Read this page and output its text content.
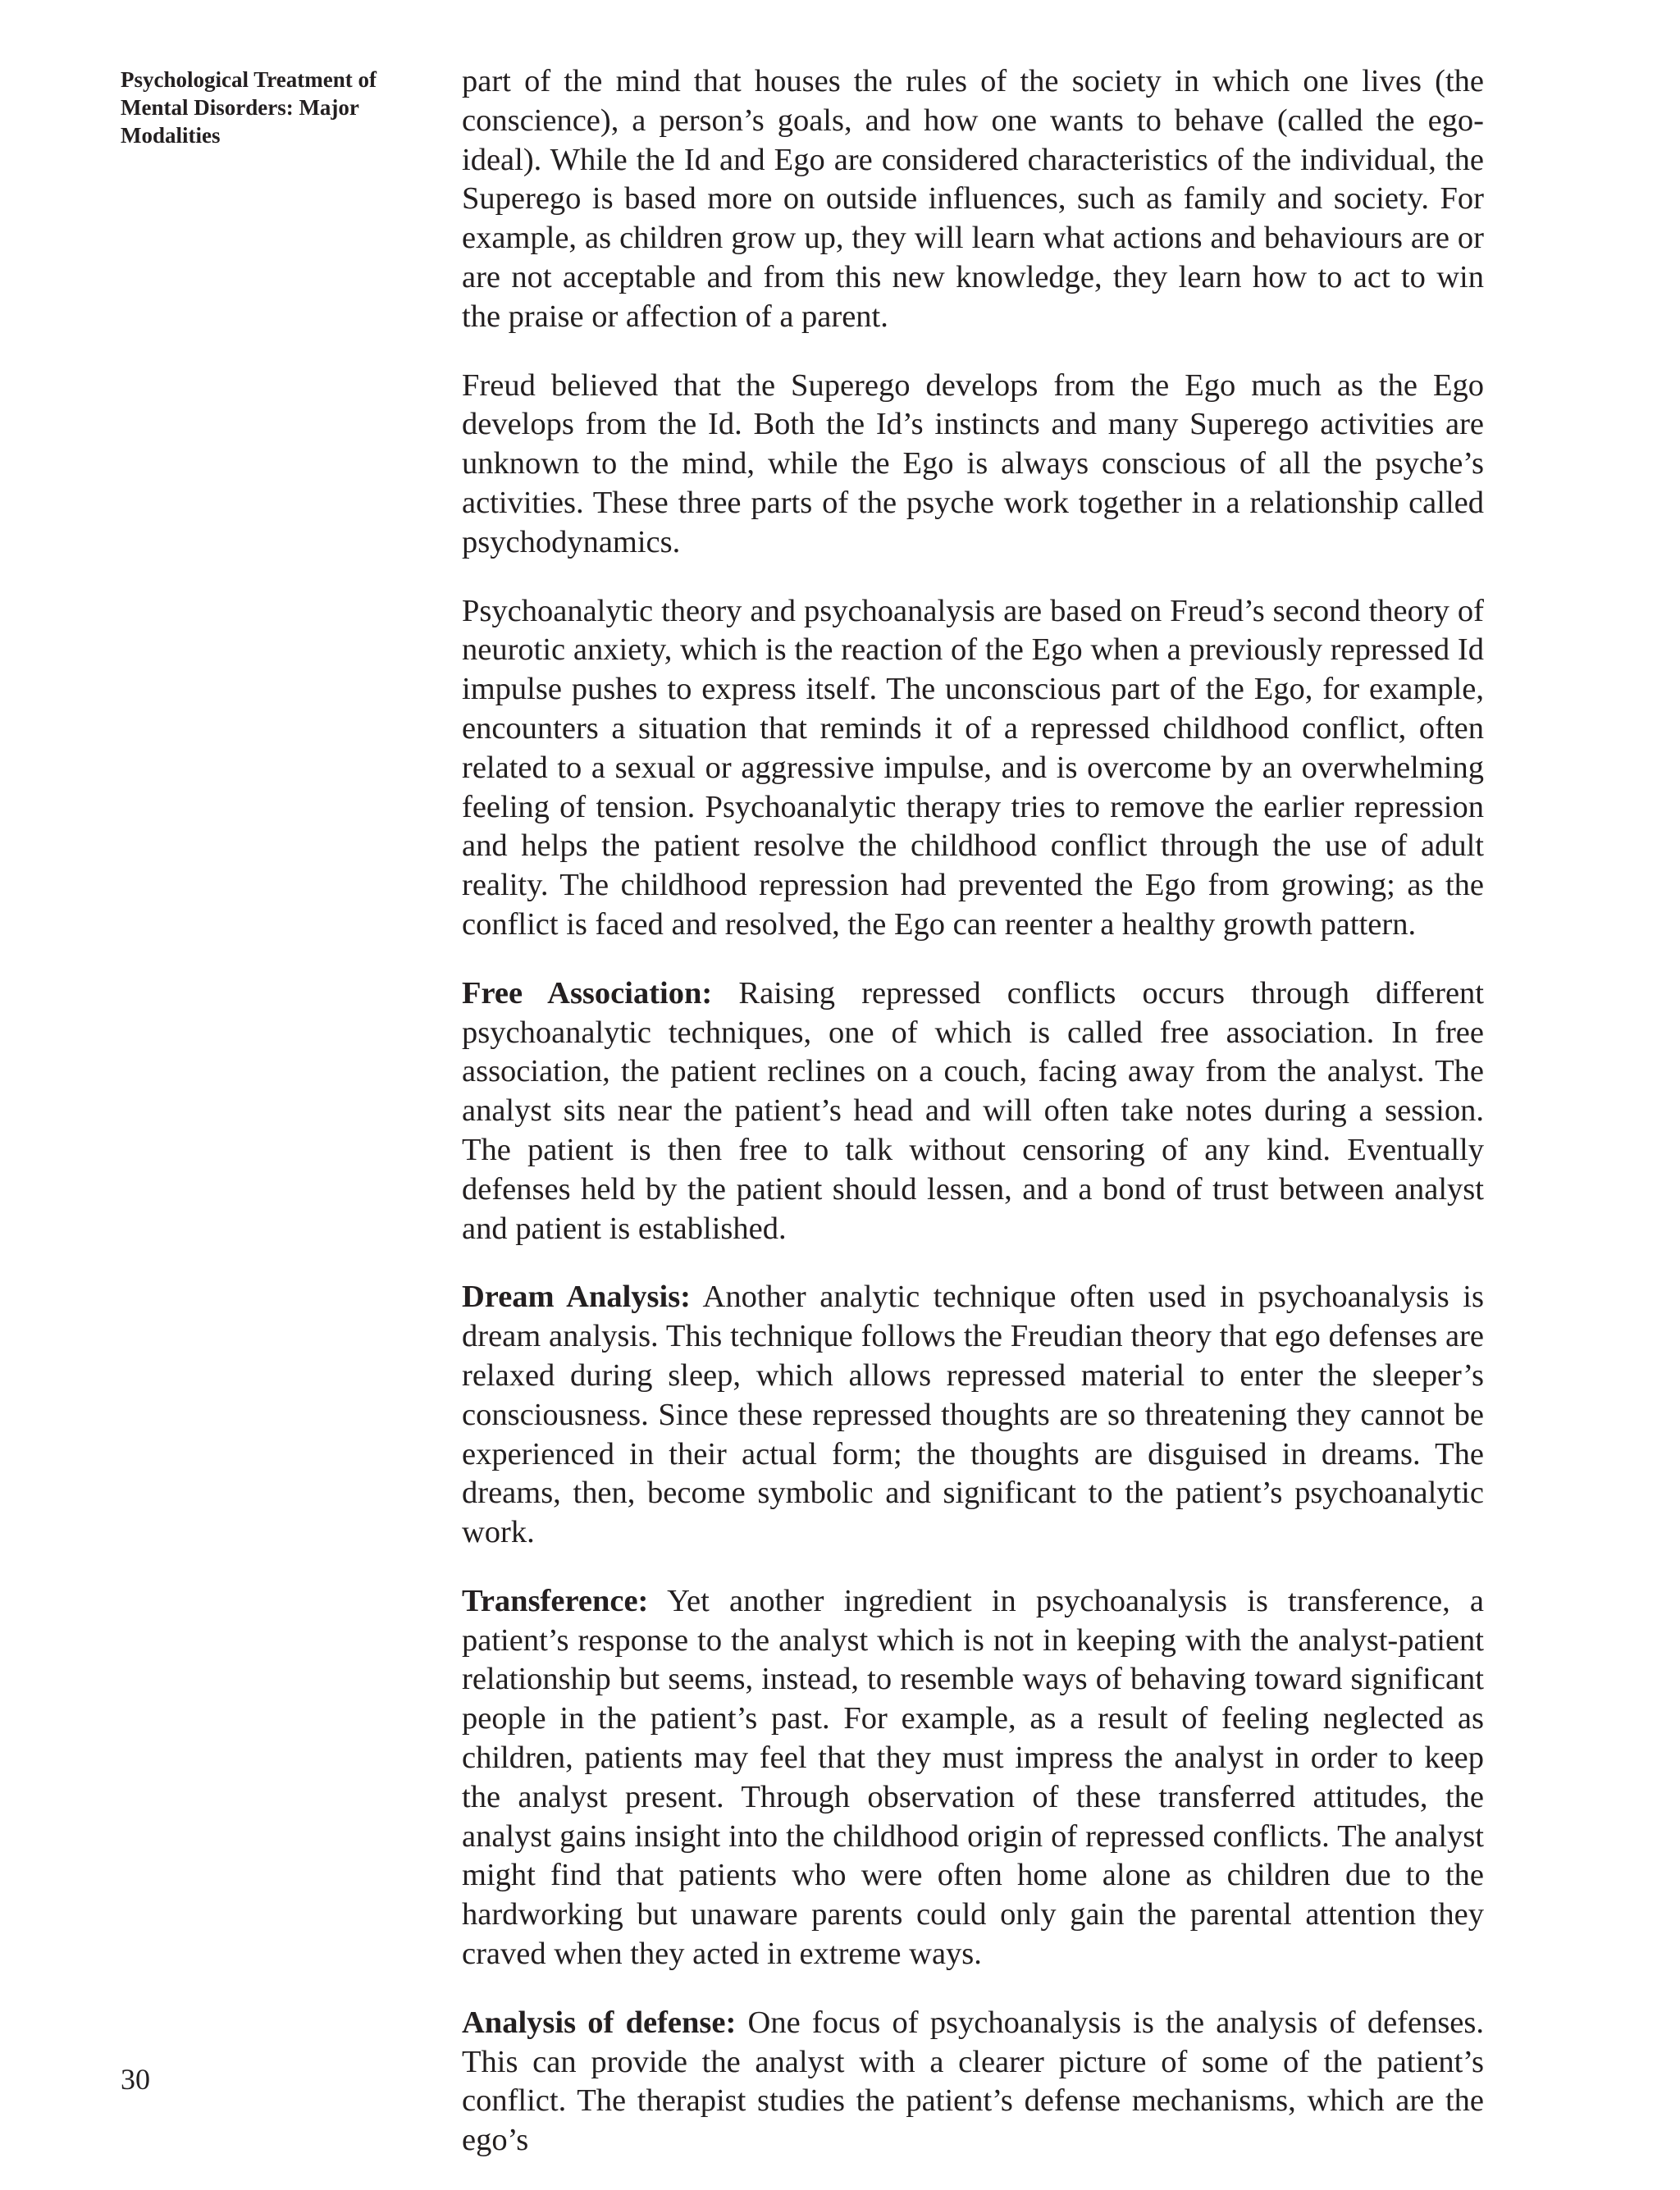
Psychological Treatment of Mental Disorders: Major Modalities

part of the mind that houses the rules of the society in which one lives (the conscience), a person’s goals, and how one wants to behave (called the ego-ideal). While the Id and Ego are considered characteristics of the individual, the Superego is based more on outside influences, such as family and society. For example, as children grow up, they will learn what actions and behaviours are or are not acceptable and from this new knowledge, they learn how to act to win the praise or affection of a parent.

Freud believed that the Superego develops from the Ego much as the Ego develops from the Id. Both the Id’s instincts and many Superego activities are unknown to the mind, while the Ego is always conscious of all the psyche’s activities. These three parts of the psyche work together in a relationship called psychodynamics.

Psychoanalytic theory and psychoanalysis are based on Freud’s second theory of neurotic anxiety, which is the reaction of the Ego when a previously repressed Id impulse pushes to express itself. The unconscious part of the Ego, for example, encounters a situation that reminds it of a repressed childhood conflict, often related to a sexual or aggressive impulse, and is overcome by an overwhelming feeling of tension. Psychoanalytic therapy tries to remove the earlier repression and helps the patient resolve the childhood conflict through the use of adult reality. The childhood repression had prevented the Ego from growing; as the conflict is faced and resolved, the Ego can reenter a healthy growth pattern.

Free Association: Raising repressed conflicts occurs through different psychoanalytic techniques, one of which is called free association. In free association, the patient reclines on a couch, facing away from the analyst. The analyst sits near the patient’s head and will often take notes during a session. The patient is then free to talk without censoring of any kind. Eventually defenses held by the patient should lessen, and a bond of trust between analyst and patient is established.

Dream Analysis: Another analytic technique often used in psychoanalysis is dream analysis. This technique follows the Freudian theory that ego defenses are relaxed during sleep, which allows repressed material to enter the sleeper’s consciousness. Since these repressed thoughts are so threatening they cannot be experienced in their actual form; the thoughts are disguised in dreams. The dreams, then, become symbolic and significant to the patient’s psychoanalytic work.

Transference: Yet another ingredient in psychoanalysis is transference, a patient’s response to the analyst which is not in keeping with the analyst-patient relationship but seems, instead, to resemble ways of behaving toward significant people in the patient’s past. For example, as a result of feeling neglected as children, patients may feel that they must impress the analyst in order to keep the analyst present. Through observation of these transferred attitudes, the analyst gains insight into the childhood origin of repressed conflicts. The analyst might find that patients who were often home alone as children due to the hardworking but unaware parents could only gain the parental attention they craved when they acted in extreme ways.

Analysis of defense: One focus of psychoanalysis is the analysis of defenses. This can provide the analyst with a clearer picture of some of the patient’s conflict. The therapist studies the patient’s defense mechanisms, which are the ego’s

30
